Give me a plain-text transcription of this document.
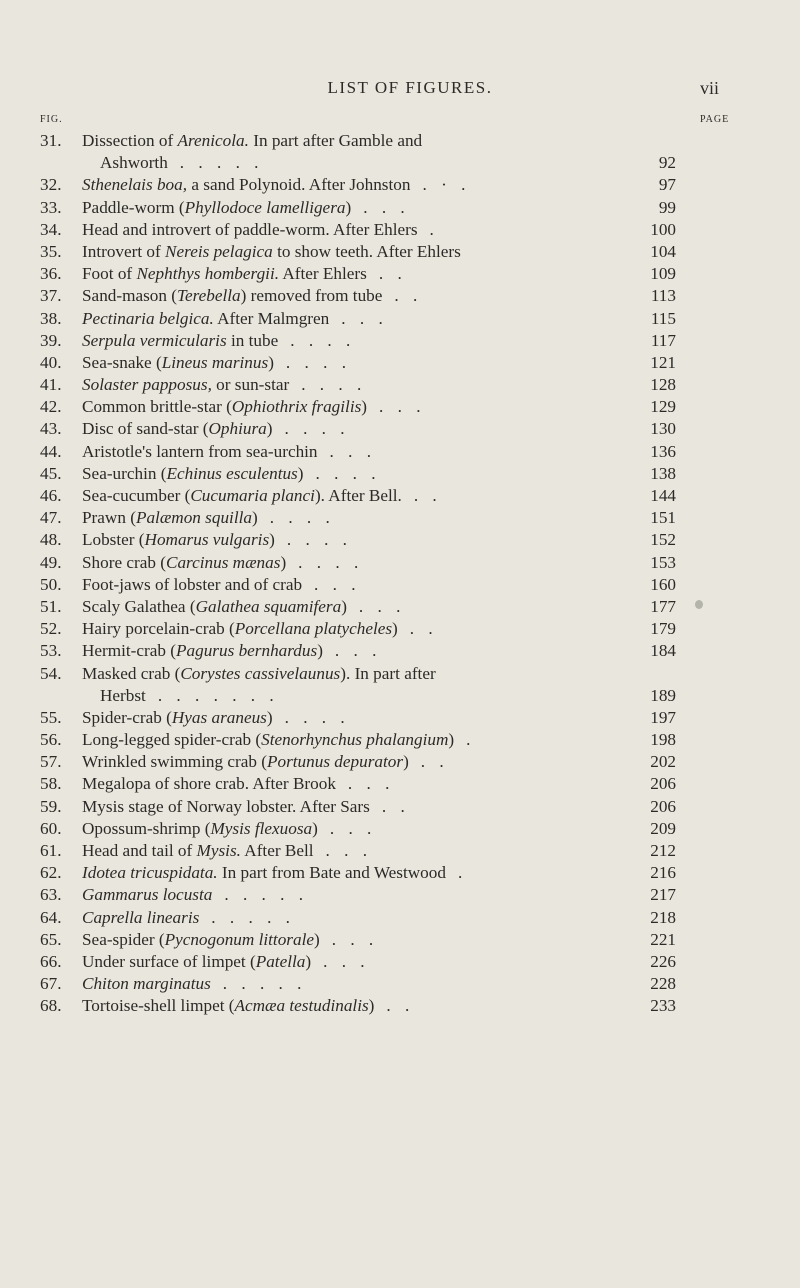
LIST OF FIGURES.	vii
FIG.	PAGE
31.	Dissection of Arenicola. In part after Gamble and
Ashworth . . . . .	92
32.	Sthenelais boa, a sand Polynoid. After Johnston . · .	97
33.	Paddle-worm (Phyllodoce lamelligera) . . .	99
34.	Head and introvert of paddle-worm. After Ehlers .	100
35.	Introvert of Nereis pelagica to show teeth. After Ehlers	104
36.	Foot of Nephthys hombergii. After Ehlers . .	109
37.	Sand-mason (Terebella) removed from tube . .	113
38.	Pectinaria belgica. After Malmgren . . .	115
39.	Serpula vermicularis in tube . . . .	117
40.	Sea-snake (Lineus marinus) . . . .	121
41.	Solaster papposus, or sun-star . . . .	128
42.	Common brittle-star (Ophiothrix fragilis) . . .	129
43.	Disc of sand-star (Ophiura) . . . .	130
44.	Aristotle's lantern from sea-urchin . . .	136
45.	Sea-urchin (Echinus esculentus) . . . .	138
46.	Sea-cucumber (Cucumaria planci). After Bell. . .	144
47.	Prawn (Palæmon squilla) . . . .	151
48.	Lobster (Homarus vulgaris) . . . .	152
49.	Shore crab (Carcinus mænas) . . . .	153
50.	Foot-jaws of lobster and of crab . . .	160
51.	Scaly Galathea (Galathea squamifera) . . .	177
52.	Hairy porcelain-crab (Porcellana platycheles) . .	179
53.	Hermit-crab (Pagurus bernhardus) . . .	184
54.	Masked crab (Corystes cassivelaunus). In part after
Herbst . . . . . . .	189
55.	Spider-crab (Hyas araneus) . . . .	197
56.	Long-legged spider-crab (Stenorhynchus phalangium) .	198
57.	Wrinkled swimming crab (Portunus depurator) . .	202
58.	Megalopa of shore crab. After Brook . . .	206
59.	Mysis stage of Norway lobster. After Sars . .	206
60.	Opossum-shrimp (Mysis flexuosa) . . .	209
61.	Head and tail of Mysis. After Bell . . .	212
62.	Idotea tricuspidata. In part from Bate and Westwood .	216
63.	Gammarus locusta . . . . .	217
64.	Caprella linearis . . . . .	218
65.	Sea-spider (Pycnogonum littorale) . . .	221
66.	Under surface of limpet (Patella) . . .	226
67.	Chiton marginatus . . . . .	228
68.	Tortoise-shell limpet (Acmæa testudinalis) . .	233
